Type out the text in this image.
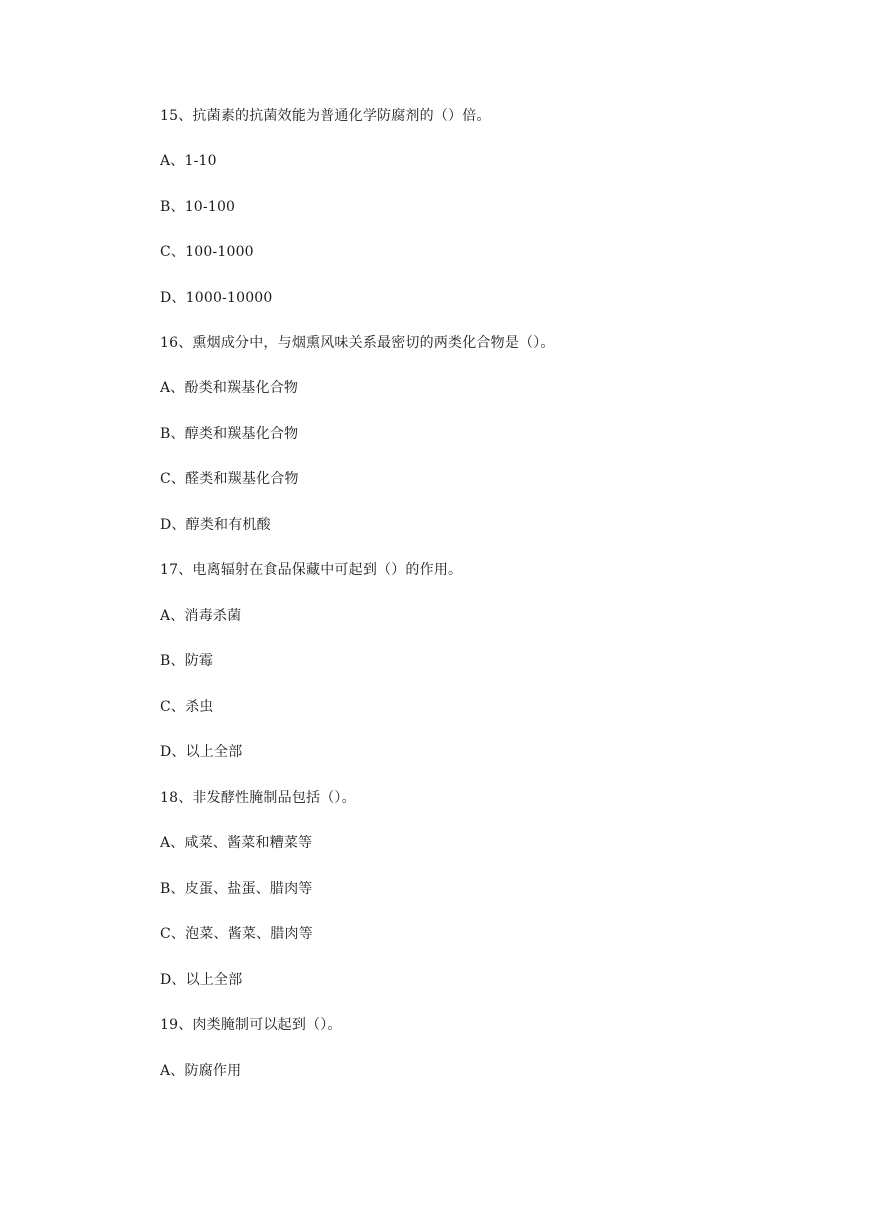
15、抗菌素的抗菌效能为普通化学防腐剂的（）倍。
A、1-10
B、10-100
C、100-1000
D、1000-10000
16、熏烟成分中，与烟熏风味关系最密切的两类化合物是（）。
A、酚类和羰基化合物
B、醇类和羰基化合物
C、醛类和羰基化合物
D、醇类和有机酸
17、电离辐射在食品保藏中可起到（）的作用。
A、消毒杀菌
B、防霉
C、杀虫
D、以上全部
18、非发酵性腌制品包括（）。
A、咸菜、酱菜和糟菜等
B、皮蛋、盐蛋、腊肉等
C、泡菜、酱菜、腊肉等
D、以上全部
19、肉类腌制可以起到（）。
A、防腐作用
